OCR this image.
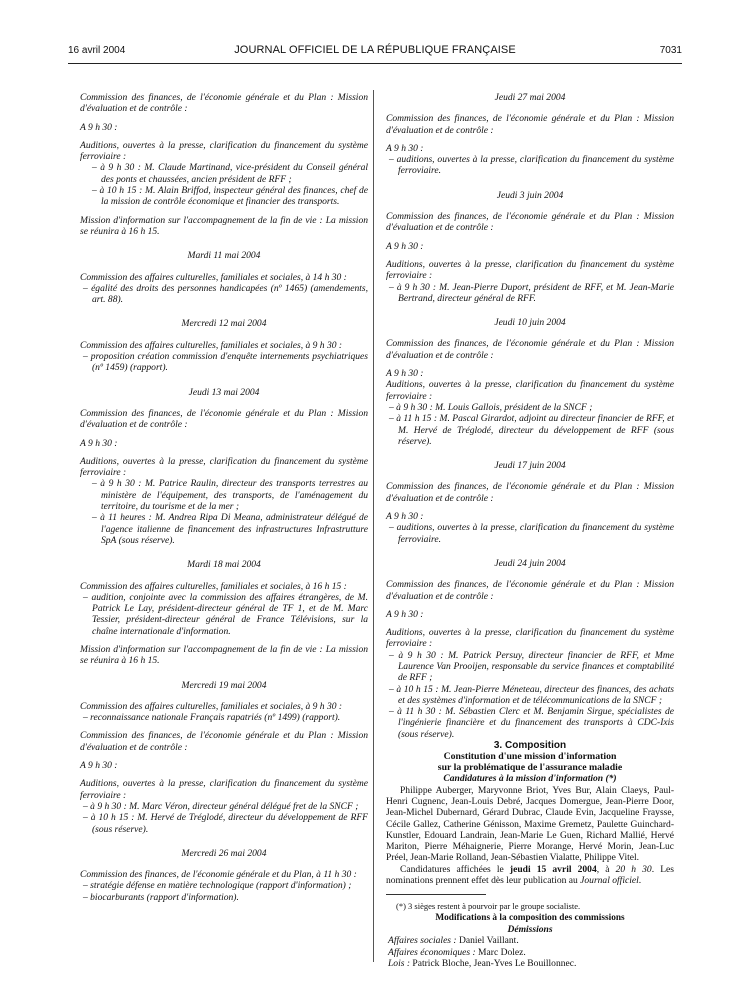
16 avril 2004	JOURNAL OFFICIEL DE LA RÉPUBLIQUE FRANÇAISE	7031

Commission des finances, de l'économie générale et du Plan : Mission d'évaluation et de contrôle :

A 9 h 30 :

Auditions, ouvertes à la presse, clarification du financement du système ferroviaire :

– à 9 h 30 : M. Claude Martinand, vice-président du Conseil général des ponts et chaussées, ancien président de RFF ;

– à 10 h 15 : M. Alain Briffod, inspecteur général des finances, chef de la mission de contrôle économique et financier des transports.

Mission d'information sur l'accompagnement de la fin de vie : La mission se réunira à 16 h 15.

Mardi 11 mai 2004

Commission des affaires culturelles, familiales et sociales, à 14 h 30 :

– égalité des droits des personnes handicapées (nº 1465) (amendements, art. 88).

Mercredi 12 mai 2004

Commission des affaires culturelles, familiales et sociales, à 9 h 30 :

– proposition création commission d'enquête internements psychiatriques (nº 1459) (rapport).

Jeudi 13 mai 2004

Commission des finances, de l'économie générale et du Plan : Mission d'évaluation et de contrôle :

A 9 h 30 :

Auditions, ouvertes à la presse, clarification du financement du système ferroviaire :

– à 9 h 30 : M. Patrice Raulin, directeur des transports terrestres au ministère de l'équipement, des transports, de l'aménagement du territoire, du tourisme et de la mer ;

– à 11 heures : M. Andrea Ripa Di Meana, administrateur délégué de l'agence italienne de financement des infrastructures Infrastrutture SpA (sous réserve).

Mardi 18 mai 2004

Commission des affaires culturelles, familiales et sociales, à 16 h 15 :

– audition, conjointe avec la commission des affaires étrangères, de M. Patrick Le Lay, président-directeur général de TF 1, et de M. Marc Tessier, président-directeur général de France Télévisions, sur la chaîne internationale d'information.

Mission d'information sur l'accompagnement de la fin de vie : La mission se réunira à 16 h 15.

Mercredi 19 mai 2004

Commission des affaires culturelles, familiales et sociales, à 9 h 30 :

– reconnaissance nationale Français rapatriés (nº 1499) (rapport).

Commission des finances, de l'économie générale et du Plan : Mission d'évaluation et de contrôle :

A 9 h 30 :

Auditions, ouvertes à la presse, clarification du financement du système ferroviaire :

– à 9 h 30 : M. Marc Véron, directeur général délégué fret de la SNCF ;

– à 10 h 15 : M. Hervé de Tréglodé, directeur du développement de RFF (sous réserve).

Mercredi 26 mai 2004

Commission des finances, de l'économie générale et du Plan, à 11 h 30 :

– stratégie défense en matière technologique (rapport d'information) ;

– biocarburants (rapport d'information).

Jeudi 27 mai 2004

Commission des finances, de l'économie générale et du Plan : Mission d'évaluation et de contrôle :

A 9 h 30 :

– auditions, ouvertes à la presse, clarification du financement du système ferroviaire.

Jeudi 3 juin 2004

Commission des finances, de l'économie générale et du Plan : Mission d'évaluation et de contrôle :

A 9 h 30 :

Auditions, ouvertes à la presse, clarification du financement du système ferroviaire :

– à 9 h 30 : M. Jean-Pierre Duport, président de RFF, et M. Jean-Marie Bertrand, directeur général de RFF.

Jeudi 10 juin 2004

Commission des finances, de l'économie générale et du Plan : Mission d'évaluation et de contrôle :

A 9 h 30 :

Auditions, ouvertes à la presse, clarification du financement du système ferroviaire :

– à 9 h 30 : M. Louis Gallois, président de la SNCF ;

– à 11 h 15 : M. Pascal Girardot, adjoint au directeur financier de RFF, et M. Hervé de Tréglodé, directeur du développement de RFF (sous réserve).

Jeudi 17 juin 2004

Commission des finances, de l'économie générale et du Plan : Mission d'évaluation et de contrôle :

A 9 h 30 :

– auditions, ouvertes à la presse, clarification du financement du système ferroviaire.

Jeudi 24 juin 2004

Commission des finances, de l'économie générale et du Plan : Mission d'évaluation et de contrôle :

A 9 h 30 :

Auditions, ouvertes à la presse, clarification du financement du système ferroviaire :

– à 9 h 30 : M. Patrick Persuy, directeur financier de RFF, et Mme Laurence Van Prooijen, responsable du service finances et comptabilité de RFF ;

– à 10 h 15 : M. Jean-Pierre Méneteau, directeur des finances, des achats et des systèmes d'information et de télécommunications de la SNCF ;

– à 11 h 30 : M. Sébastien Clerc et M. Benjamin Sirgue, spécialistes de l'ingénierie financière et du financement des transports à CDC-Ixis (sous réserve).

3. Composition

Constitution d'une mission d'information

sur la problématique de l'assurance maladie

Candidatures à la mission d'information (*)

Philippe Auberger, Maryvonne Briot, Yves Bur, Alain Claeys, Paul-Henri Cugnenc, Jean-Louis Debré, Jacques Domergue, Jean-Pierre Door, Jean-Michel Dubernard, Gérard Dubrac, Claude Evin, Jacqueline Fraysse, Cécile Gallez, Catherine Génisson, Maxime Gremetz, Paulette Guinchard-Kunstler, Edouard Landrain, Jean-Marie Le Guen, Richard Mallié, Hervé Mariton, Pierre Méhaignerie, Pierre Morange, Hervé Morin, Jean-Luc Préel, Jean-Marie Rolland, Jean-Sébastien Vialatte, Philippe Vitel.

Candidatures affichées le jeudi 15 avril 2004, à 20 h 30. Les nominations prennent effet dès leur publication au Journal officiel.

(*) 3 sièges restent à pourvoir par le groupe socialiste.

Modifications à la composition des commissions

Démissions

Affaires sociales : Daniel Vaillant.

Affaires économiques : Marc Dolez.

Lois : Patrick Bloche, Jean-Yves Le Bouillonnec.
